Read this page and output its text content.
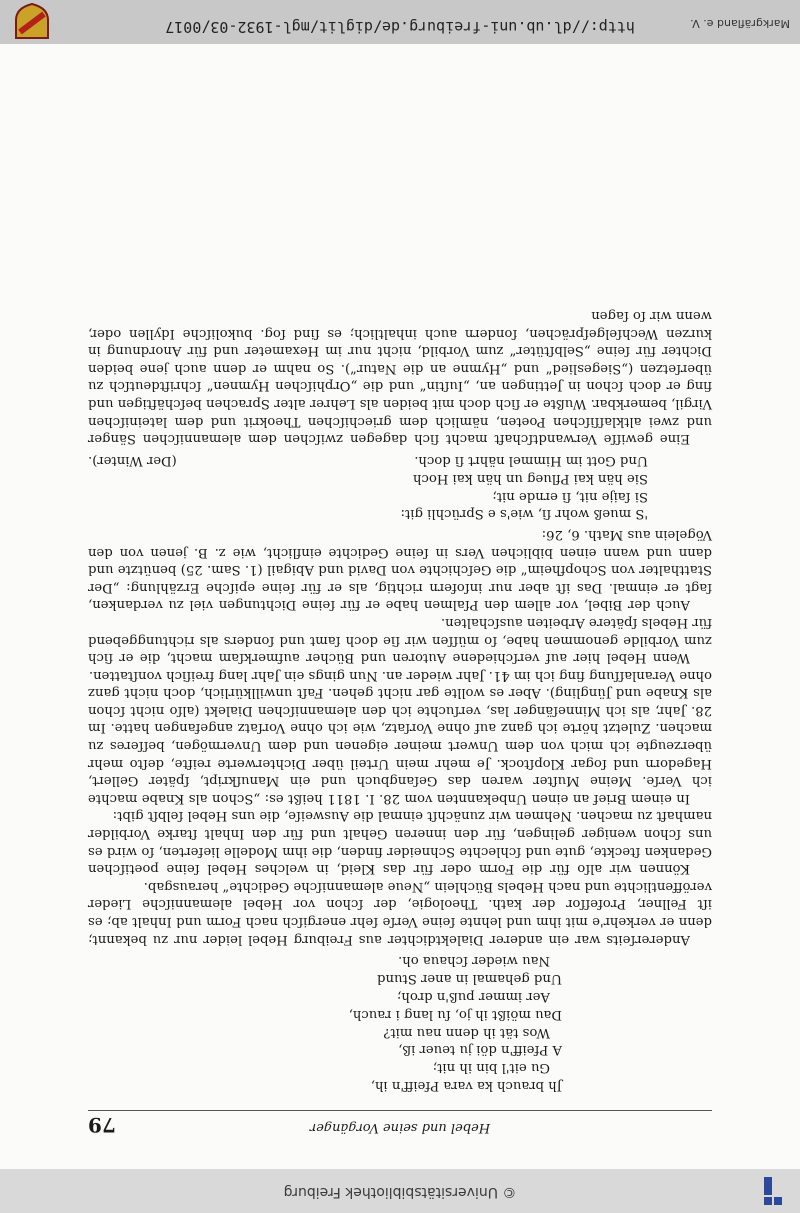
© Universitätsbibliothek Freiburg
Hebel und seine Vorgänger
79
Jh brauch ka vara Pfeiff'n ih,
Gu eit'l bin ih nit;
A Pfeiff'n döi ju teuer iß,
Wos tät ih denn nau mit?
Dau möißt ih jo, ſu lang i rauch,
Aer immer puß'n droh;
Und gehamal in aner Stund
Nau wieder ſchaua oh.

Andererſeits war ein anderer Dialektdichter aus Freiburg Hebel leider nur zu bekannt; denn er verkehr'e mit ihm und lehnte ſeine Verſe ſehr energiſch nach Form und Inhalt ab; es iſt Fellner, Profeſſor der kath. Theologie, der ſchon vor Hebel alemanniſche Lieder veröffentlichte und nach Hebels Büchlein „Neue alemanniſche Gedichte“ herausgab.

Können wir alſo für die Form oder für das Kleid, in welches Hebel ſeine poetiſchen Gedanken ſteckte, gute und ſchlechte Schneider finden, die ihm Modelle lieferten, ſo wird es uns ſchon weniger gelingen, für den inneren Gehalt und für den Inhalt ſtarke Vorbilder namhaft zu machen. Nehmen wir zunächſt einmal die Ausweiſe, die uns Hebel ſelbſt gibt:

In einem Brief an einen Unbekannten vom 28. I. 1811 heißt es: „Schon als Knabe machte ich Verſe. Meine Muſter waren das Geſangbuch und ein Manuſkript, ſpäter Gellert, Hagedorn und ſogar Klopſtock. Je mehr mein Urteil über Dichterwerte reifte, deſto mehr überzeugte ich mich von dem Unwert meiner eigenen und dem Unvermögen, beſſeres zu machen. Zuletzt hörte ich ganz auf ohne Vorſatz, wie ich ohne Vorſatz angefangen hatte. Im 28. Jahr, als ich Minneſänger las, verſuchte ich den alemanniſchen Dialekt (alſo nicht ſchon als Knabe und Jüngling). Aber es wollte gar nicht gehen. Faſt unwillkürlich, doch nicht ganz ohne Veranlaſſung fing ich im 41. Jahr wieder an. Nun gings ein Jahr lang freiſich vonſtatten.

Wenn Hebel hier auf verſchiedene Autoren und Bücher aufmerkſam macht, die er ſich zum Vorbilde genommen habe, ſo müſſen wir ſie doch ſamt und ſonders als richtunggebend für Hebels ſpätere Arbeiten ausſchalten.

Auch der Bibel, vor allem den Pſalmen habe er für ſeine Dichtungen viel zu verdanken, ſagt er einmal. Das iſt aber nur inſofern richtig, als er für ſeine epiſche Erzählung: „Der Statthalter von Schopfheim“ die Geſchichte von David und Abigail (1. Sam. 25) benützte und dann und wann einen biblichen Vers in ſeine Gedichte einflicht, wie z. B. jenen von den Vögelein aus Math. 6, 26:

'S mueß wohr ſi, wie's e Sprüchli git:
Si ſaije nit, ſi ernde nit;
Sie hän kai Pflueg un hän kai Hoch
Und Gott im Himmel nährt ſi doch.
(Der Winter).

Eine gewiſſe Verwandtſchaft macht ſich dagegen zwiſchen dem alemanniſchen Sänger und zwei altklaſſiſchen Poeten, nämlich dem griechiſchen Theokrit und dem lateiniſchen Virgil, bemerkbar. Wußte er ſich doch mit beiden als Lehrer alter Sprachen beſchäftigen und fing er doch ſchon in Jettingen an, „Iuſtin“ und die „Orphiſchen Hymnen“ ſchriftdeutſch zu überſetzen („Siegeslied“ und „Hymne an die Natur“). So nahm er denn auch jene beiden Dichter für ſeine „Selbſtüter“ zum Vorbild, nicht nur im Hexameter und für Anordnung in kurzen Wechſelgeſprächen, ſondern auch inhaltlich; es ſind ſog. bukoliſche Idyllen oder, wenn wir ſo ſagen

http://dl.ub.uni-freiburg.de/diglit/mgl-1932-03/0017	Markgräfland e. V.
